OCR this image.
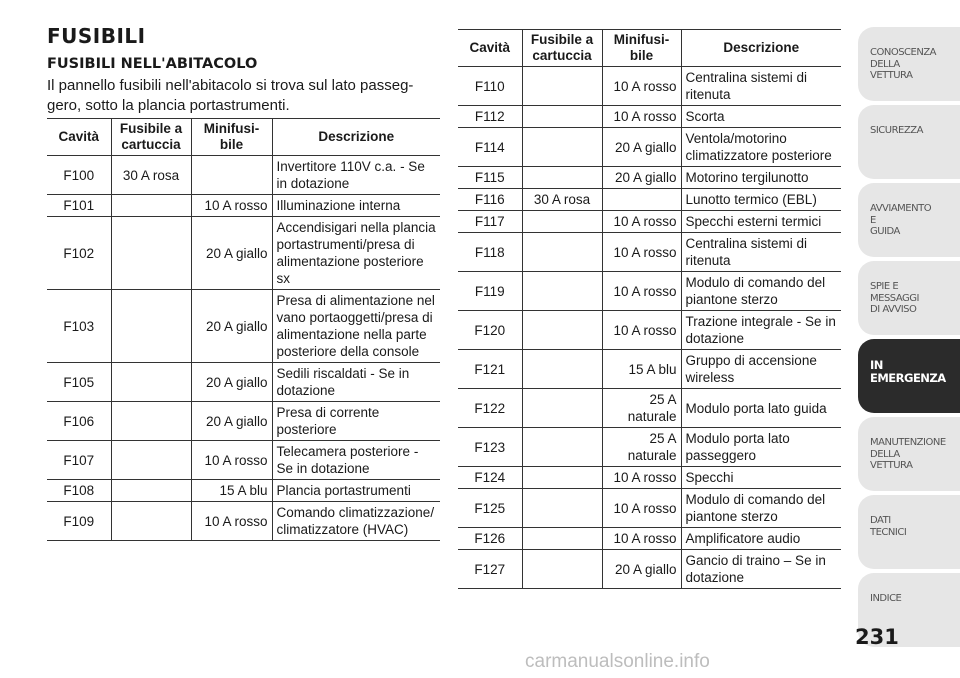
FUSIBILI
FUSIBILI NELL'ABITACOLO
Il pannello fusibili nell'abitacolo si trova sul lato passeg-gero, sotto la plancia portastrumenti.
Cavità	Fusibile a cartuccia	Minifusi-bile	Descrizione
F100	30 A rosa		Invertitore 110V c.a. - Se in dotazione
F101		10 A rosso	Illuminazione interna
F102		20 A giallo	Accendisigari nella plancia portastrumenti/presa di alimentazione posteriore sx
F103		20 A giallo	Presa di alimentazione nel vano portaoggetti/presa di alimentazione nella parte posteriore della console
F105		20 A giallo	Sedili riscaldati - Se in dotazione
F106		20 A giallo	Presa di corrente posteriore
F107		10 A rosso	Telecamera posteriore - Se in dotazione
F108		15 A blu	Plancia portastrumenti
F109		10 A rosso	Comando climatizzazione/ climatizzatore (HVAC)
Cavità	Fusibile a cartuccia	Minifusi-bile	Descrizione
F110		10 A rosso	Centralina sistemi di ritenuta
F112		10 A rosso	Scorta
F114		20 A giallo	Ventola/motorino climatizzatore posteriore
F115		20 A giallo	Motorino tergilunotto
F116	30 A rosa		Lunotto termico (EBL)
F117		10 A rosso	Specchi esterni termici
F118		10 A rosso	Centralina sistemi di ritenuta
F119		10 A rosso	Modulo di comando del piantone sterzo
F120		10 A rosso	Trazione integrale - Se in dotazione
F121		15 A blu	Gruppo di accensione wireless
F122		25 A naturale	Modulo porta lato guida
F123		25 A naturale	Modulo porta lato passeggero
F124		10 A rosso	Specchi
F125		10 A rosso	Modulo di comando del piantone sterzo
F126		10 A rosso	Amplificatore audio
F127		20 A giallo	Gancio di traino – Se in dotazione
CONOSCENZA
DELLA
VETTURA
SICUREZZA
AVVIAMENTO
E
GUIDA
SPIE E
MESSAGGI
DI AVVISO
IN
EMERGENZA
MANUTENZIONE
DELLA
VETTURA
DATI
TECNICI
INDICE
231
carmanualsonline.info
